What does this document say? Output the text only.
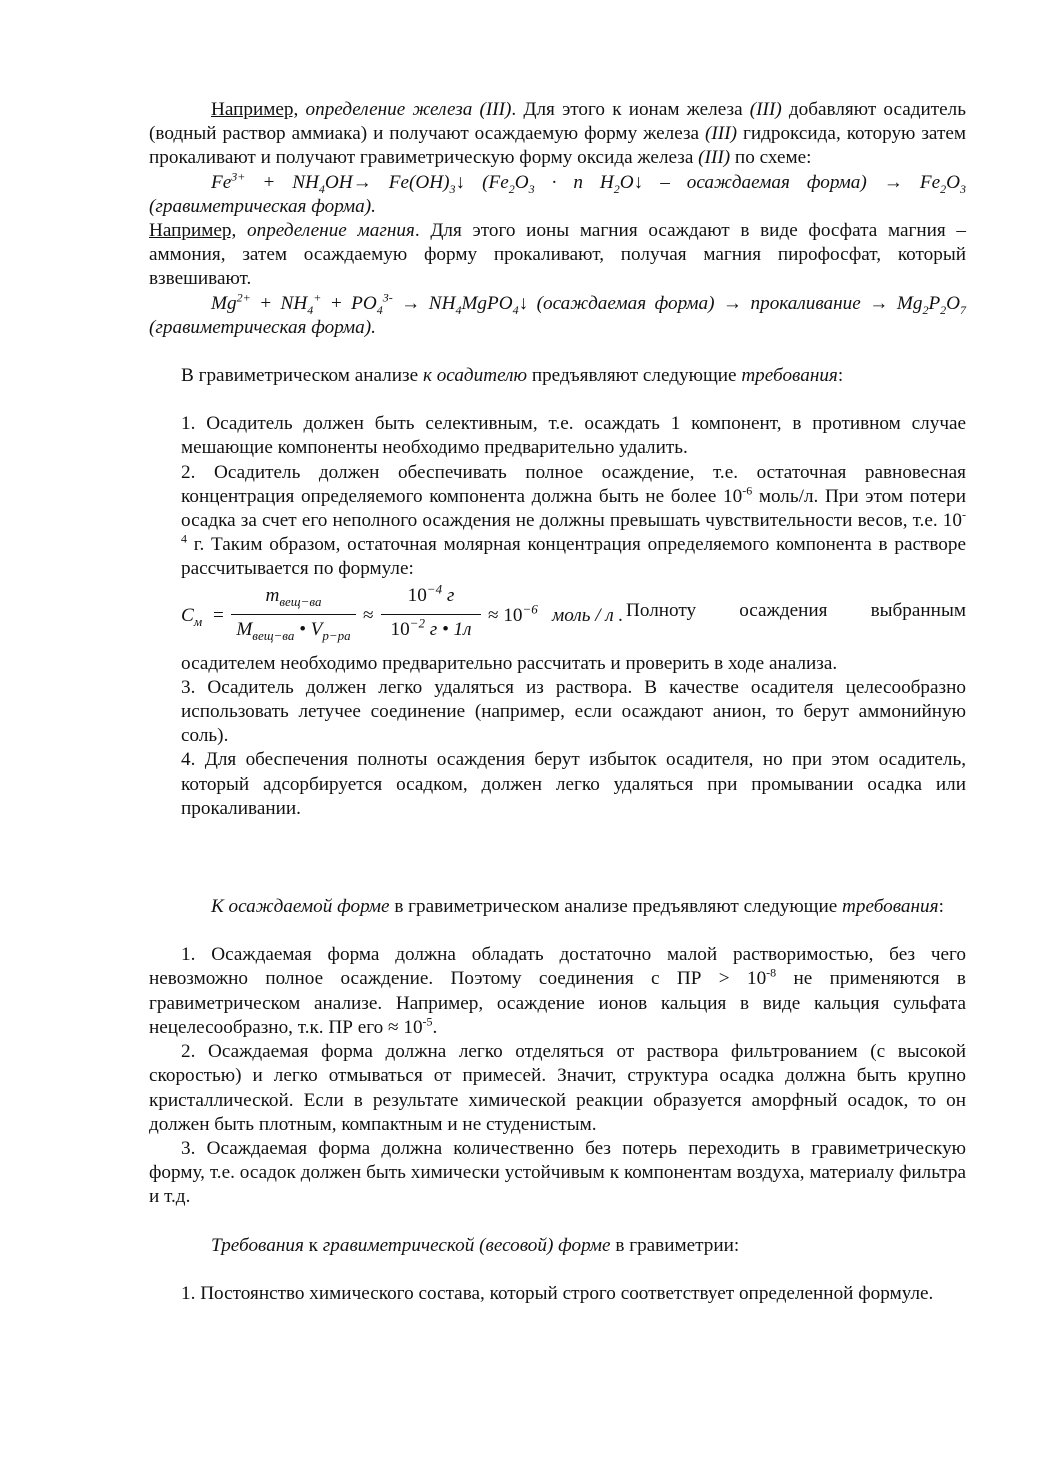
Например, определение железа (III). Для этого к ионам железа (III) добавляют осадитель (водный раствор аммиака) и получают осаждаемую форму железа (III) гидроксида, которую затем прокаливают и получают гравиметрическую форму оксида железа (III) по схеме:

$Fe^{3+} + NH_4OH\to$ $Fe(OH)_3↓$ ($Fe_2O_3 \cdot n$ $H_2O↓$ – осаждаемая форма) → $Fe_2O_3$ (гравиметрическая форма).

Например, определение магния. Для этого ионы магния осаждают в виде фосфата магния – аммония, затем осаждаемую форму прокаливают, получая магния пирофосфат, который взвешивают.

$Mg^{2+} + NH_4^+ + PO_4^{3-}$ → $NH_4MgPO_4↓$ (осаждаемая форма) → прокаливание → $Mg_2P_2O_7$ (гравиметрическая форма).

В гравиметрическом анализе к осадителю предъявляют следующие требования:

1. Осадитель должен быть селективным, т.е. осаждать 1 компонент, в противном случае мешающие компоненты необходимо предварительно удалить.

2. Осадитель должен обеспечивать полное осаждение, т.е. остаточная равновесная концентрация определяемого компонента должна быть не более $10^{-6}$ моль/л. При этом потери осадка за счет его неполного осаждения не должны превышать чувствительности весов, т.е. $10^{-4}$ г. Таким образом, остаточная молярная концентрация определяемого компонента в растворе рассчитывается по формуле:

$C_м$ =
$m_{вещ-ва}$
$M_{вещ-ва}$ • $V_{р-ра}$
≈
$10^{-4}$ г
$10^{-2}$ г • 1л
≈ $10^{-6}$ моль / л . Полноту осаждения выбранным

осадителем необходимо предварительно рассчитать и проверить в ходе анализа.

3. Осадитель должен легко удаляться из раствора. В качестве осадителя целесообразно использовать летучее соединение (например, если осаждают анион, то берут аммонийную соль).

4. Для обеспечения полноты осаждения берут избыток осадителя, но при этом осадитель, который адсорбируется осадком, должен легко удаляться при промывании осадка или прокаливании.

К осаждаемой форме в гравиметрическом анализе предъявляют следующие требования:

1. Осаждаемая форма должна обладать достаточно малой растворимостью, без чего невозможно полное осаждение. Поэтому соединения с ПР > $10^{-8}$ не применяются в гравиметрическом анализе. Например, осаждение ионов кальция в виде кальция сульфата нецелесообразно, т.к. ПР его ≈ $10^{-5}$.

2. Осаждаемая форма должна легко отделяться от раствора фильтрованием (с высокой скоростью) и легко отмываться от примесей. Значит, структура осадка должна быть крупно кристаллической. Если в результате химической реакции образуется аморфный осадок, то он должен быть плотным, компактным и не студенистым.

3. Осаждаемая форма должна количественно без потерь переходить в гравиметрическую форму, т.е. осадок должен быть химически устойчивым к компонентам воздуха, материалу фильтра и т.д.

Требования к гравиметрической (весовой) форме в гравиметрии:

1. Постоянство химического состава, который строго соответствует определенной формуле.
